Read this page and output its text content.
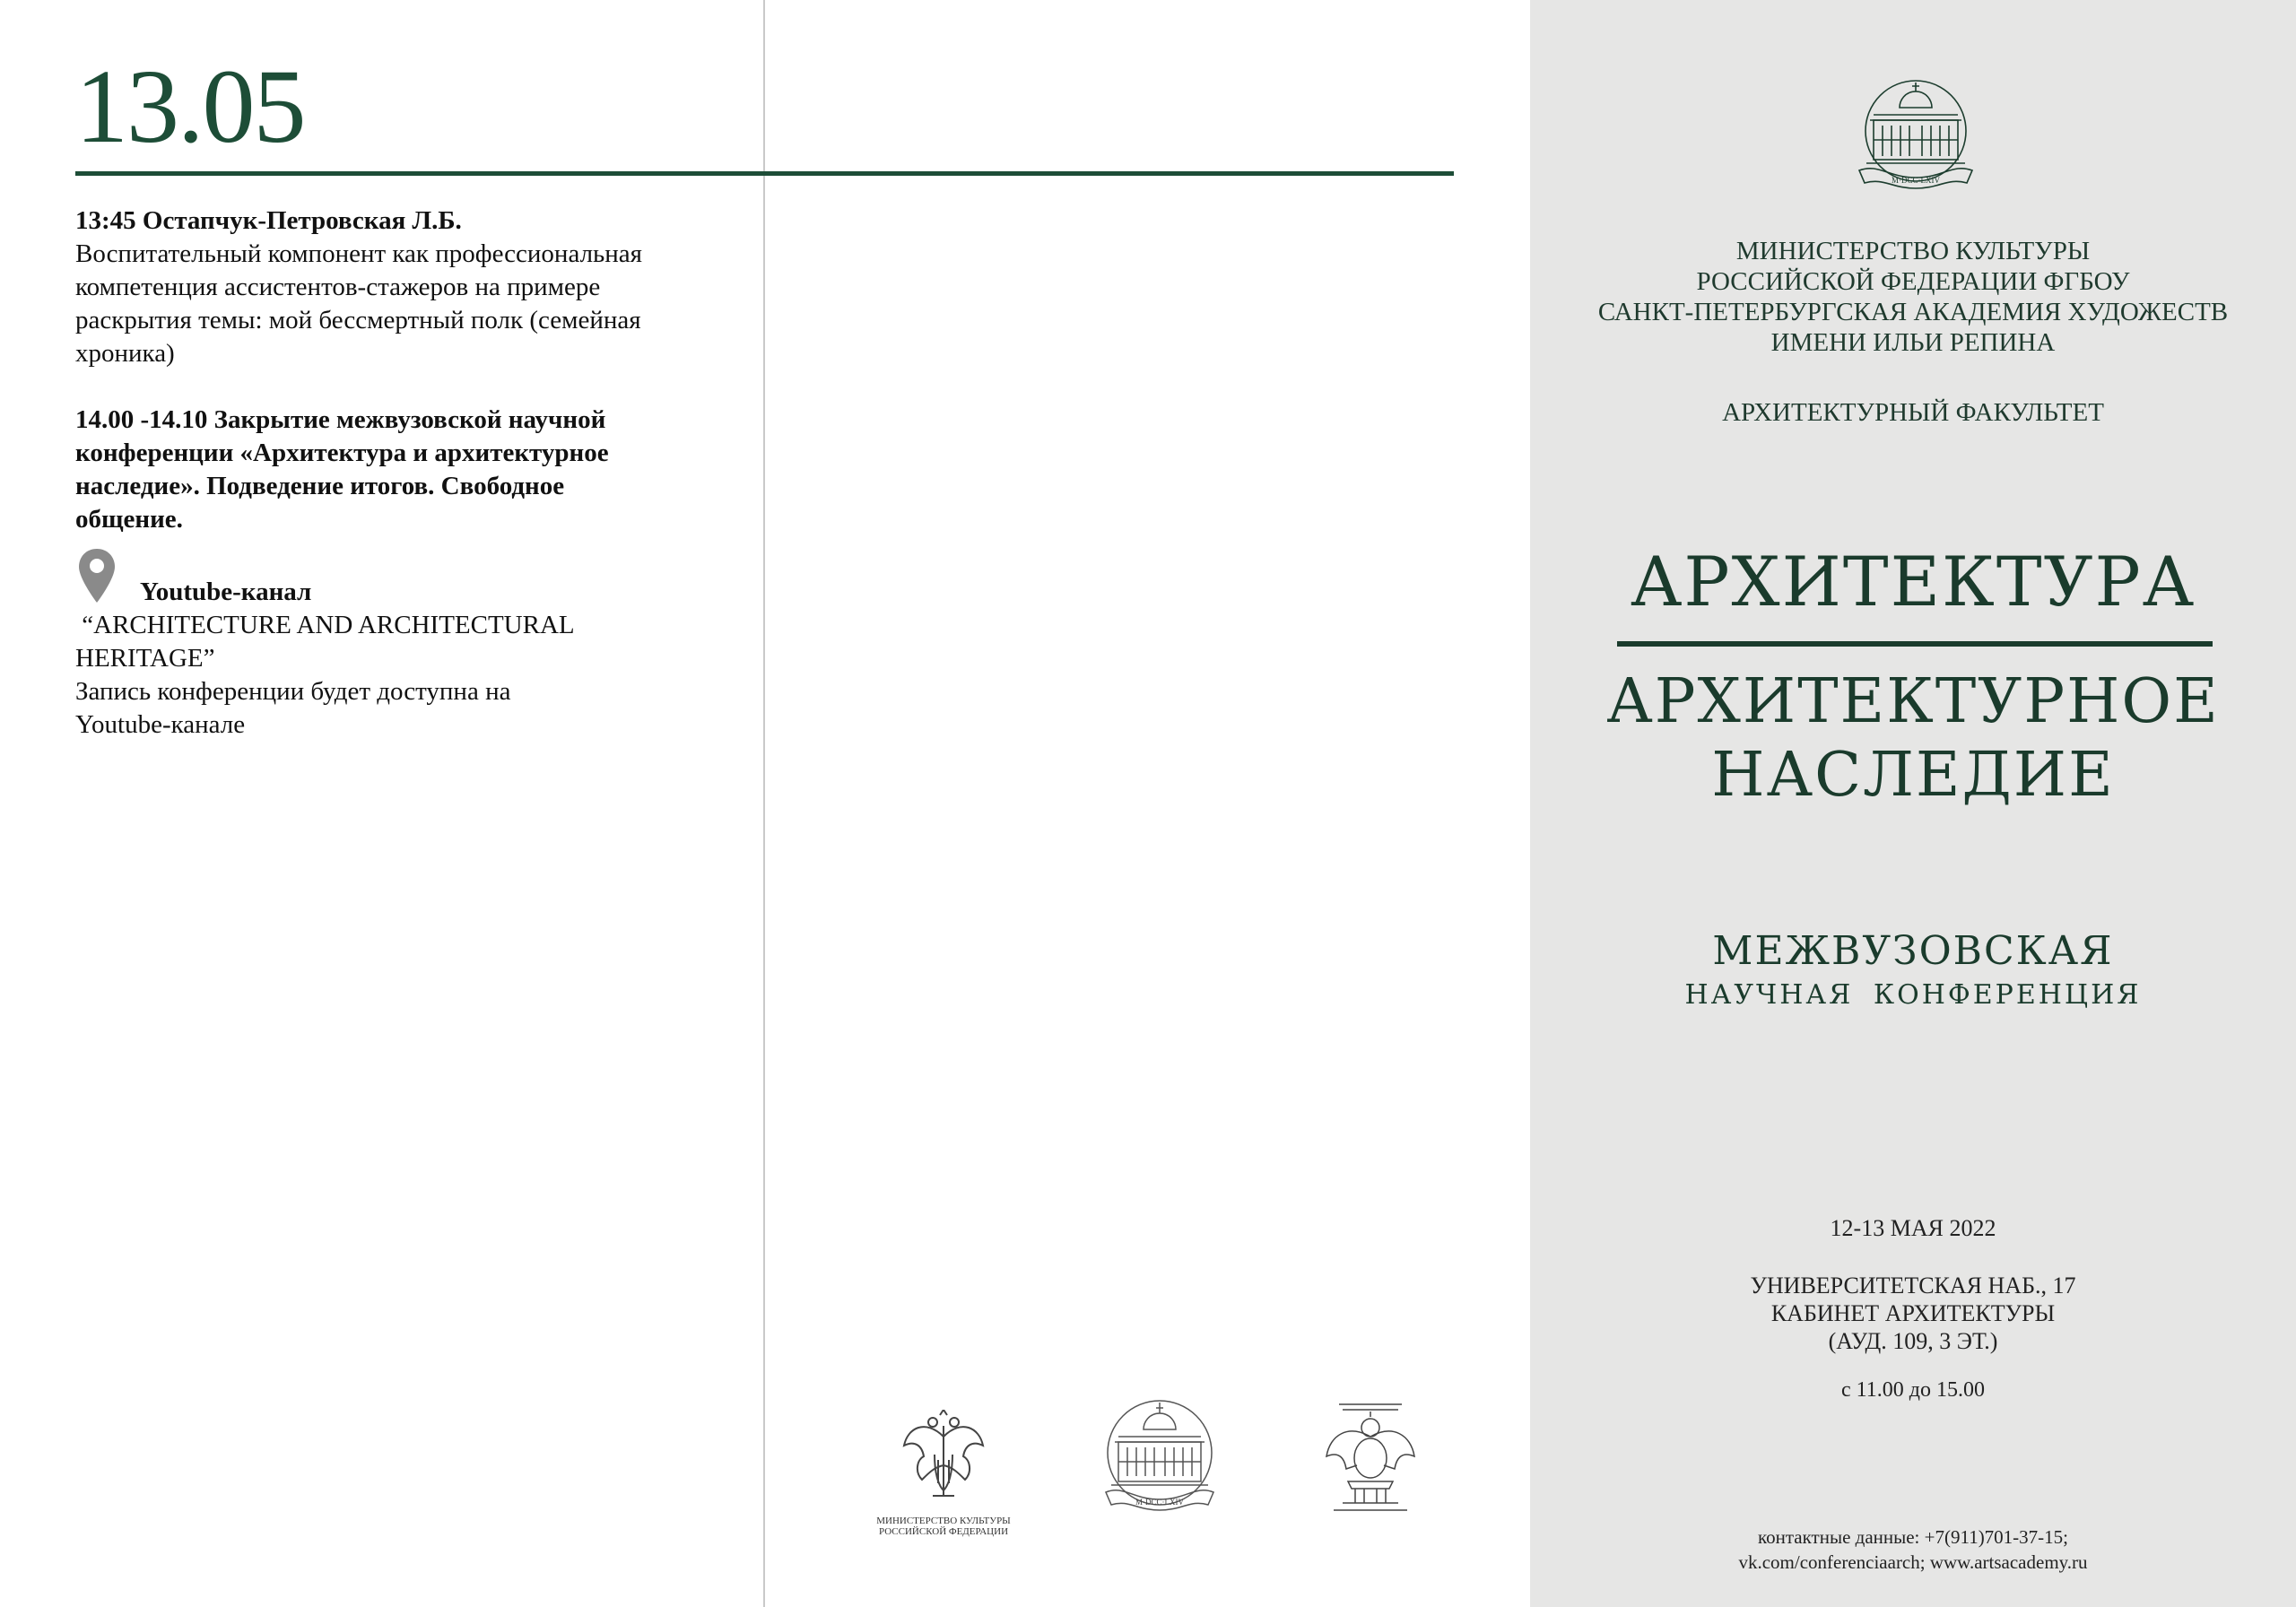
13.05
13:45 Остапчук-Петровская Л.Б.
Воспитательный компонент как профессиональная
компетенция ассистентов-стажеров на примере
раскрытия темы: мой бессмертный полк (семейная
хроника)
14.00 -14.10 Закрытие межвузовской научной
конференции «Архитектура и архитектурное
наследие». Подведение итогов. Свободное
общение.
Youtube-канал
“ARCHITECTURE AND ARCHITECTURAL
HERITAGE”
Запись конференции будет доступна на
Youtube-канале
МИНИСТЕРСТВО КУЛЬТУРЫ
РОССИЙСКОЙ ФЕДЕРАЦИИ
M·DCC·LXIV
M·DCC·LXIV
МИНИСТЕРСТВО КУЛЬТУРЫ
РОССИЙСКОЙ ФЕДЕРАЦИИ ФГБОУ
САНКТ-ПЕТЕРБУРГСКАЯ АКАДЕМИЯ ХУДОЖЕСТВ
ИМЕНИ ИЛЬИ РЕПИНА
АРХИТЕКТУРНЫЙ ФАКУЛЬТЕТ
АРХИТЕКТУРА
АРХИТЕКТУРНОЕ
НАСЛЕДИЕ
МЕЖВУЗОВСКАЯ
НАУЧНАЯ КОНФЕРЕНЦИЯ
12-13 МАЯ 2022
УНИВЕРСИТЕТСКАЯ НАБ., 17
КАБИНЕТ АРХИТЕКТУРЫ
(АУД. 109, 3 ЭТ.)
с 11.00 до 15.00
контактные данные: +7(911)701-37-15;
vk.com/conferenciaarch; www.artsacademy.ru
